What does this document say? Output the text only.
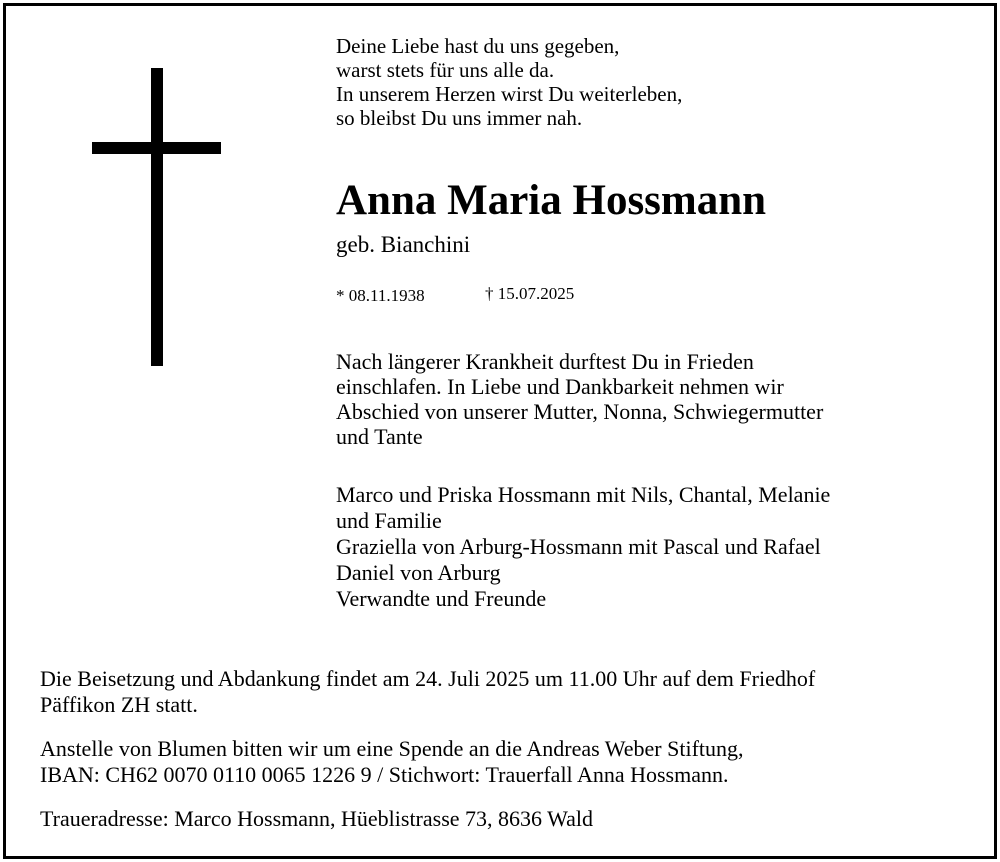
Deine Liebe hast du uns gegeben,
warst stets für uns alle da.
In unserem Herzen wirst Du weiterleben,
so bleibst Du uns immer nah.
Anna Maria Hossmann
geb. Bianchini
* 08.11.1938	† 15.07.2025
Nach längerer Krankheit durftest Du in Frieden
einschlafen. In Liebe und Dankbarkeit nehmen wir
Abschied von unserer Mutter, Nonna, Schwiegermutter
und Tante
Marco und Priska Hossmann mit Nils, Chantal, Melanie
und Familie
Graziella von Arburg-Hossmann mit Pascal und Rafael
Daniel von Arburg
Verwandte und Freunde
Die Beisetzung und Abdankung findet am 24. Juli 2025 um 11.00 Uhr auf dem Friedhof
Päffikon ZH statt.
Anstelle von Blumen bitten wir um eine Spende an die Andreas Weber Stiftung,
IBAN: CH62 0070 0110 0065 1226 9 / Stichwort: Trauerfall Anna Hossmann.
Traueradresse: Marco Hossmann, Hüeblistrasse 73, 8636 Wald
